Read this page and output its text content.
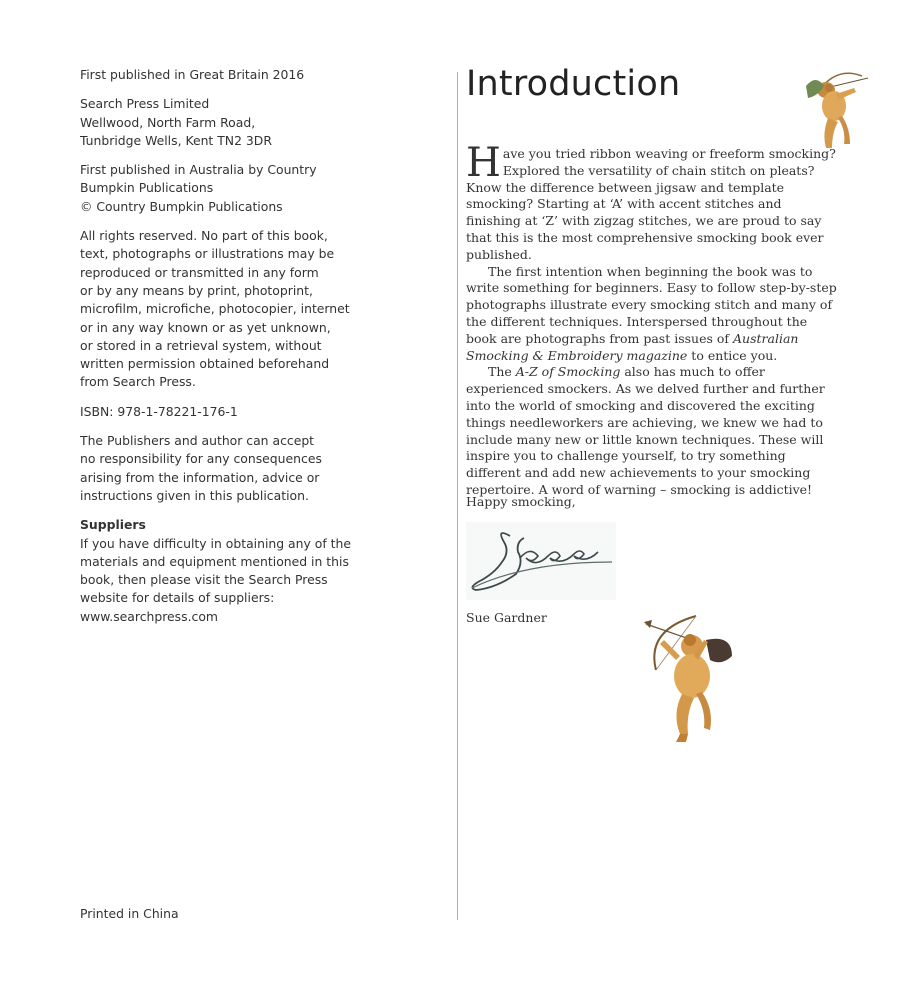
First published in Great Britain 2016

Search Press Limited
Wellwood, North Farm Road,
Tunbridge Wells, Kent TN2 3DR

First published in Australia by Country
Bumpkin Publications
© Country Bumpkin Publications

All rights reserved. No part of this book,
text, photographs or illustrations may be
reproduced or transmitted in any form
or by any means by print, photoprint,
microfilm, microfiche, photocopier, internet
or in any way known or as yet unknown,
or stored in a retrieval system, without
written permission obtained beforehand
from Search Press.

ISBN: 978-1-78221-176-1

The Publishers and author can accept
no responsibility for any consequences
arising from the information, advice or
instructions given in this publication.

Suppliers

If you have difficulty in obtaining any of the
materials and equipment mentioned in this
book, then please visit the Search Press
website for details of suppliers:
www.searchpress.com

Printed in China
Introduction

Have you tried ribbon weaving or freeform smocking? Explored the versatility of chain stitch on pleats? Know the difference between jigsaw and template smocking? Starting at ‘A’ with accent stitches and finishing at ‘Z’ with zigzag stitches, we are proud to say that this is the most comprehensive smocking book ever published.

The first intention when beginning the book was to write something for beginners. Easy to follow step-by-step photographs illustrate every smocking stitch and many of the different techniques. Interspersed throughout the book are photographs from past issues of Australian Smocking & Embroidery magazine to entice you.

The A-Z of Smocking also has much to offer experienced smockers. As we delved further and further into the world of smocking and discovered the exciting things needleworkers are achieving, we knew we had to include many new or little known techniques. These will inspire you to challenge yourself, to try something different and add new achievements to your smocking repertoire. A word of warning – smocking is addictive!

Happy smocking,
Sue Gardner
